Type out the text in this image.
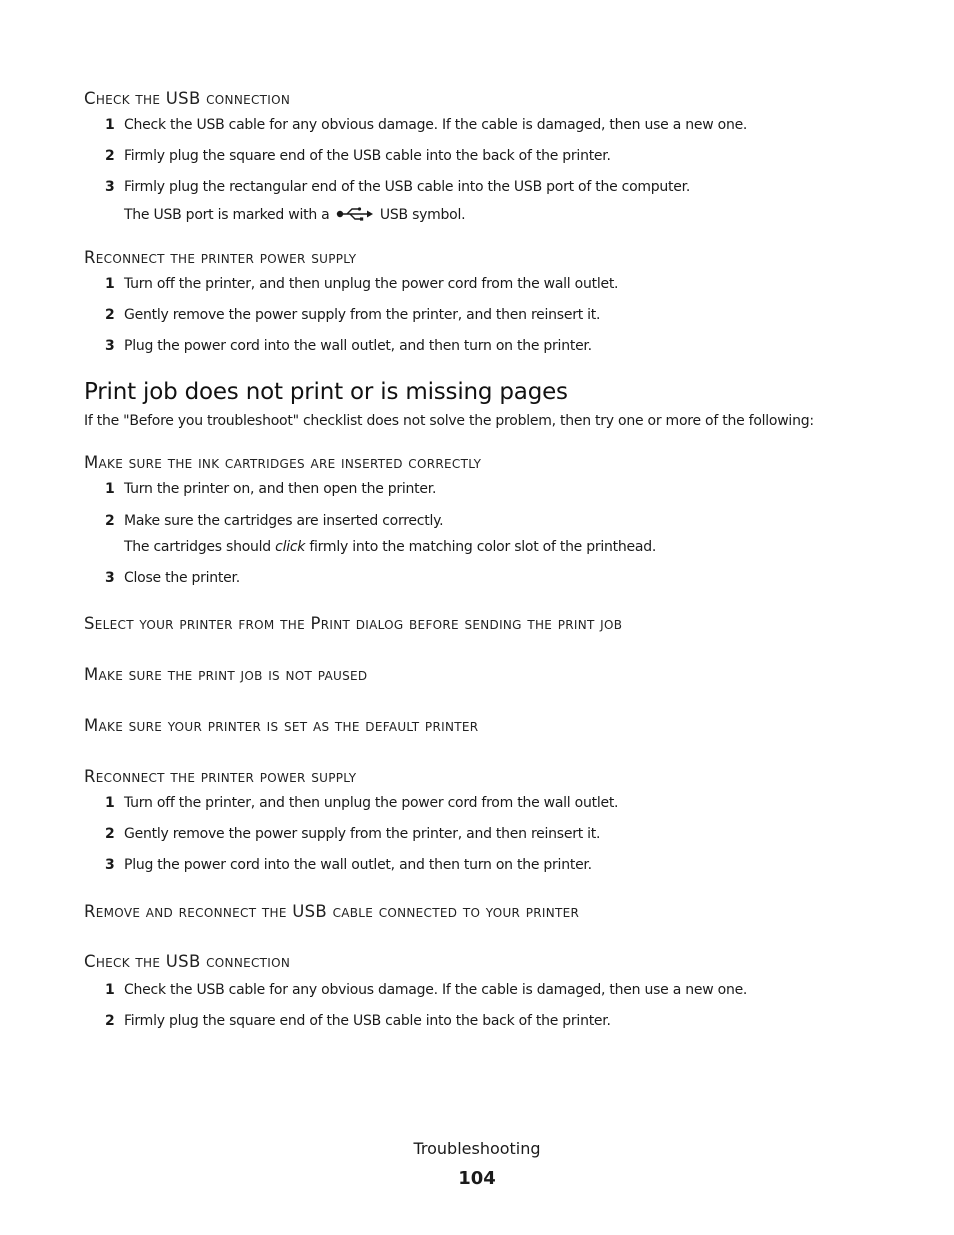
Check the USB connection
1 Check the USB cable for any obvious damage. If the cable is damaged, then use a new one.
2 Firmly plug the square end of the USB cable into the back of the printer.
3 Firmly plug the rectangular end of the USB cable into the USB port of the computer.
The USB port is marked with a	USB symbol.
Reconnect the printer power supply
1 Turn off the printer, and then unplug the power cord from the wall outlet.
2 Gently remove the power supply from the printer, and then reinsert it.
3 Plug the power cord into the wall outlet, and then turn on the printer.
Print job does not print or is missing pages

If the "Before you troubleshoot" checklist does not solve the problem, then try one or more of the following:

Make sure the ink cartridges are inserted correctly
1 Turn the printer on, and then open the printer.
2 Make sure the cartridges are inserted correctly.
The cartridges should click firmly into the matching color slot of the printhead.
3 Close the printer.
Select your printer from the Print dialog before sending the print job
Make sure the print job is not paused
Make sure your printer is set as the default printer
Reconnect the printer power supply
1 Turn off the printer, and then unplug the power cord from the wall outlet.
2 Gently remove the power supply from the printer, and then reinsert it.
3 Plug the power cord into the wall outlet, and then turn on the printer.
Remove and reconnect the USB cable connected to your printer
Check the USB connection
1 Check the USB cable for any obvious damage. If the cable is damaged, then use a new one.
2 Firmly plug the square end of the USB cable into the back of the printer.
Troubleshooting
104
